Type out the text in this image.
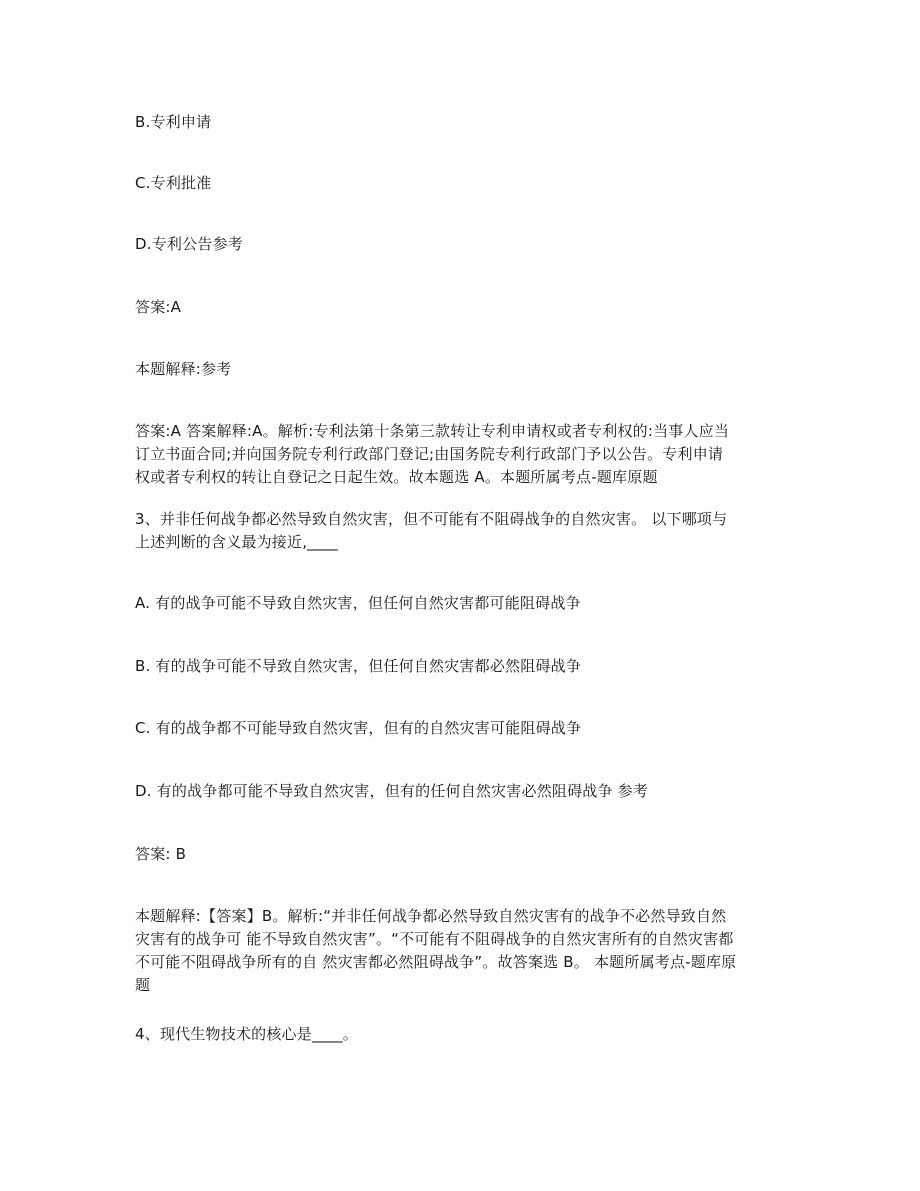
B.专利申请
C.专利批准
D.专利公告参考
答案:A
本题解释:参考
答案:A 答案解释:A。解析:专利法第十条第三款转让专利申请权或者专利权的:当事人应当
订立书面合同;并向国务院专利行政部门登记;由国务院专利行政部门予以公告。专利申请
权或者专利权的转让自登记之日起生效。故本题选 A。本题所属考点-题库原题
3、并非任何战争都必然导致自然灾害，但不可能有不阻碍战争的自然灾害。 以下哪项与
上述判断的含义最为接近,____
A. 有的战争可能不导致自然灾害，但任何自然灾害都可能阻碍战争
B. 有的战争可能不导致自然灾害，但任何自然灾害都必然阻碍战争
C. 有的战争都不可能导致自然灾害，但有的自然灾害可能阻碍战争
D. 有的战争都可能不导致自然灾害，但有的任何自然灾害必然阻碍战争 参考
答案: B
本题解释:【答案】B。解析:“并非任何战争都必然导致自然灾害有的战争不必然导致自然
灾害有的战争可 能不导致自然灾害”。“不可能有不阻碍战争的自然灾害所有的自然灾害都
不可能不阻碍战争所有的自 然灾害都必然阻碍战争”。故答案选 B。 本题所属考点-题库原
题
4、现代生物技术的核心是____。
